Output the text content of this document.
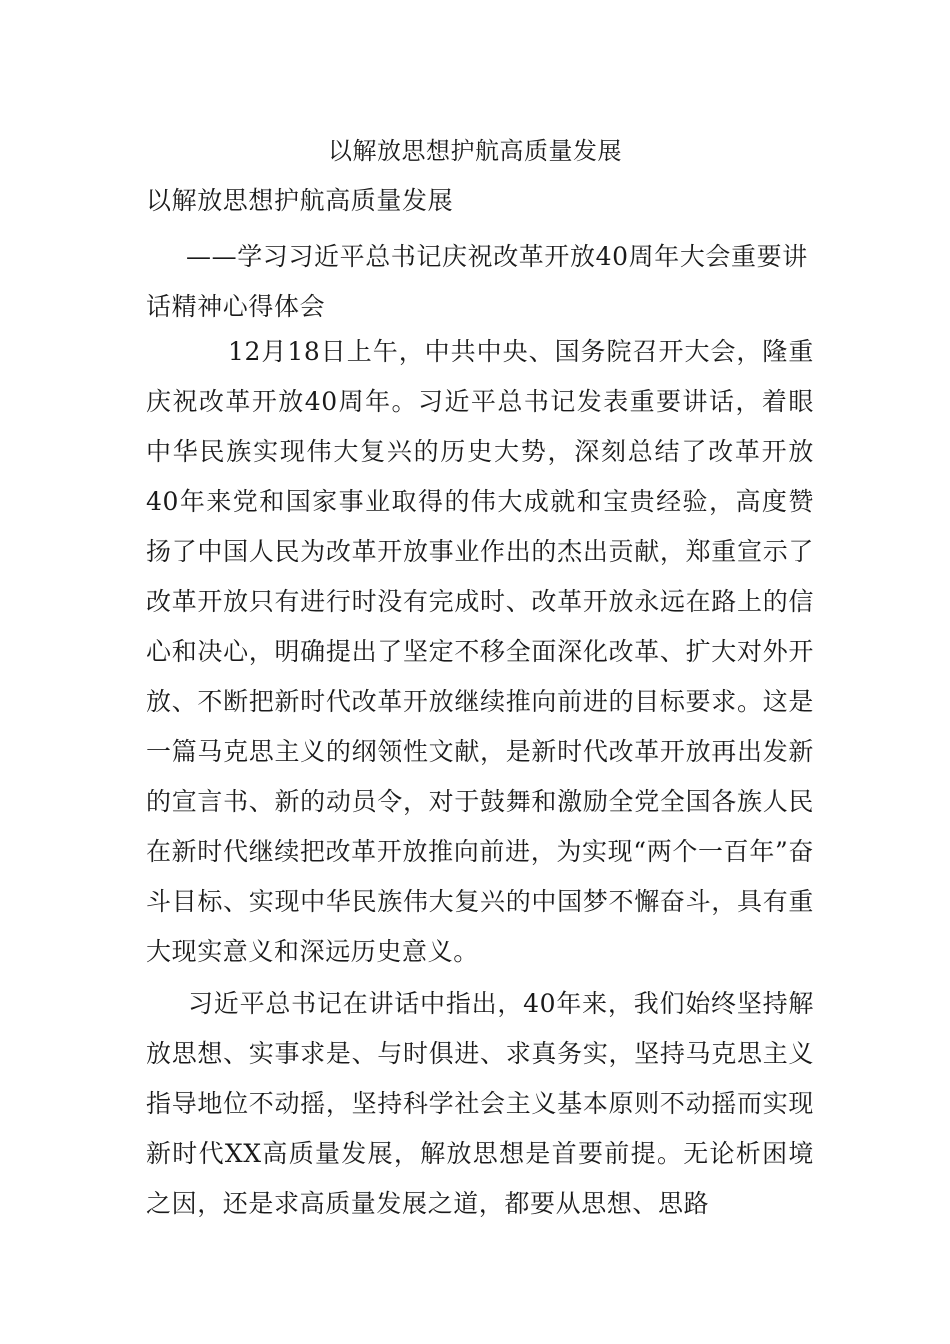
以解放思想护航高质量发展
以解放思想护航高质量发展
——学习习近平总书记庆祝改革开放40周年大会重要讲话精神心得体会
12月18日上午，中共中央、国务院召开大会，隆重庆祝改革开放40周年。习近平总书记发表重要讲话，着眼中华民族实现伟大复兴的历史大势，深刻总结了改革开放40年来党和国家事业取得的伟大成就和宝贵经验，高度赞扬了中国人民为改革开放事业作出的杰出贡献，郑重宣示了改革开放只有进行时没有完成时、改革开放永远在路上的信心和决心，明确提出了坚定不移全面深化改革、扩大对外开放、不断把新时代改革开放继续推向前进的目标要求。这是一篇马克思主义的纲领性文献，是新时代改革开放再出发新的宣言书、新的动员令，对于鼓舞和激励全党全国各族人民在新时代继续把改革开放推向前进，为实现“两个一百年”奋斗目标、实现中华民族伟大复兴的中国梦不懈奋斗，具有重大现实意义和深远历史意义。
习近平总书记在讲话中指出，40年来，我们始终坚持解放思想、实事求是、与时俱进、求真务实，坚持马克思主义指导地位不动摇，坚持科学社会主义基本原则不动摇而实现新时代XX高质量发展，解放思想是首要前提。无论析困境之因，还是求高质量发展之道，都要从思想、思路
